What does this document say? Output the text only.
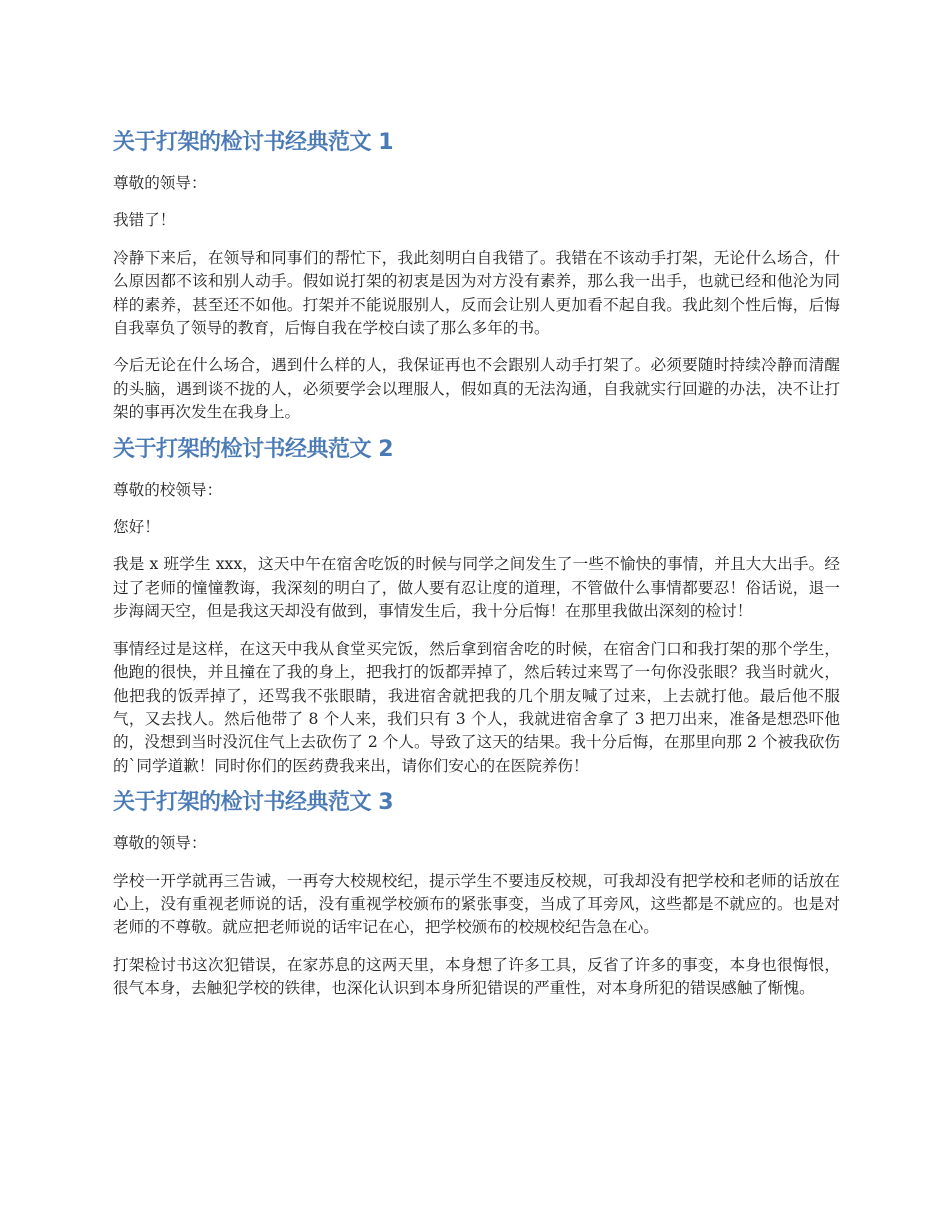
关于打架的检讨书经典范文 1

尊敬的领导：

我错了！

冷静下来后，在领导和同事们的帮忙下，我此刻明白自我错了。我错在不该动手打架，无论什么场合，什么原因都不该和别人动手。假如说打架的初衷是因为对方没有素养，那么我一出手，也就已经和他沦为同样的素养，甚至还不如他。打架并不能说服别人，反而会让别人更加看不起自我。我此刻个性后悔，后悔自我辜负了领导的教育，后悔自我在学校白读了那么多年的书。

今后无论在什么场合，遇到什么样的人，我保证再也不会跟别人动手打架了。必须要随时持续冷静而清醒的头脑，遇到谈不拢的人，必须要学会以理服人，假如真的无法沟通，自我就实行回避的办法，决不让打架的事再次发生在我身上。

关于打架的检讨书经典范文 2

尊敬的校领导：

您好！

我是 x 班学生 xxx，这天中午在宿舍吃饭的时候与同学之间发生了一些不愉快的事情，并且大大出手。经过了老师的憧憧教诲，我深刻的明白了，做人要有忍让度的道理，不管做什么事情都要忍！俗话说，退一步海阔天空，但是我这天却没有做到，事情发生后，我十分后悔！在那里我做出深刻的检讨！

事情经过是这样，在这天中我从食堂买完饭，然后拿到宿舍吃的时候，在宿舍门口和我打架的那个学生，他跑的很快，并且撞在了我的身上，把我打的饭都弄掉了，然后转过来骂了一句你没张眼？我当时就火，他把我的饭弄掉了，还骂我不张眼睛，我进宿舍就把我的几个朋友喊了过来，上去就打他。最后他不服气，又去找人。然后他带了 8 个人来，我们只有 3 个人，我就进宿舍拿了 3 把刀出来，准备是想恐吓他的，没想到当时没沉住气上去砍伤了 2 个人。导致了这天的结果。我十分后悔，在那里向那 2 个被我砍伤的`同学道歉！同时你们的医药费我来出，请你们安心的在医院养伤！

关于打架的检讨书经典范文 3

尊敬的领导：

学校一开学就再三告诫，一再夸大校规校纪，提示学生不要违反校规，可我却没有把学校和老师的话放在心上，没有重视老师说的话，没有重视学校颁布的紧张事变，当成了耳旁风，这些都是不就应的。也是对老师的不尊敬。就应把老师说的话牢记在心，把学校颁布的校规校纪告急在心。

打架检讨书这次犯错误，在家苏息的这两天里，本身想了许多工具，反省了许多的事变，本身也很悔恨，很气本身，去触犯学校的铁律，也深化认识到本身所犯错误的严重性，对本身所犯的错误感触了惭愧。
